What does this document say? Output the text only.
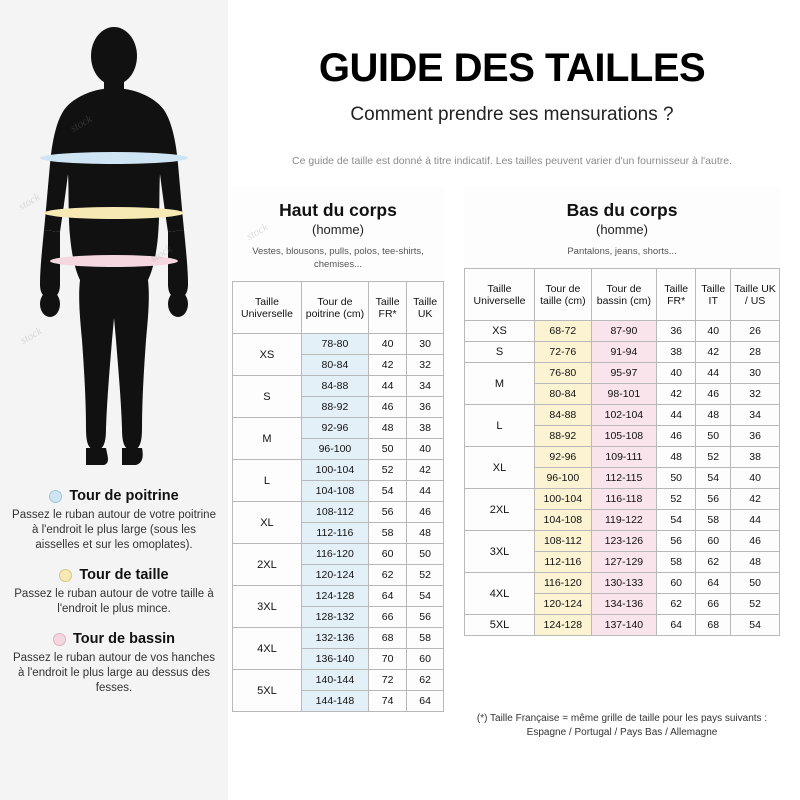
Tour de poitrine
Passez le ruban autour de votre poitrine à l'endroit le plus large (sous les aisselles et sur les omoplates).
Tour de taille
Passez le ruban autour de votre taille à l'endroit le plus mince.
Tour de bassin
Passez le ruban autour de vos hanches à l'endroit le plus large au dessus des fesses.
GUIDE DES TAILLES
Comment prendre ses mensurations ?
Ce guide de taille est donné à titre indicatif. Les tailles peuvent varier d'un fournisseur à l'autre.
Haut du corps
(homme)
Vestes, blousons, pulls, polos, tee-shirts, chemises...
Taille Universelle	Tour de poitrine (cm)	Taille FR*	Taille UK
XS	78-80	40	30
	80-84	42	32
S	84-88	44	34
	88-92	46	36
M	92-96	48	38
	96-100	50	40
L	100-104	52	42
	104-108	54	44
XL	108-112	56	46
	112-116	58	48
2XL	116-120	60	50
	120-124	62	52
3XL	124-128	64	54
	128-132	66	56
4XL	132-136	68	58
	136-140	70	60
5XL	140-144	72	62
	144-148	74	64
Bas du corps
(homme)
Pantalons, jeans, shorts...
Taille Universelle	Tour de taille (cm)	Tour de bassin (cm)	Taille FR*	Taille IT	Taille UK / US
XS	68-72	87-90	36	40	26
S	72-76	91-94	38	42	28
M	76-80	95-97	40	44	30
	80-84	98-101	42	46	32
L	84-88	102-104	44	48	34
	88-92	105-108	46	50	36
XL	92-96	109-111	48	52	38
	96-100	112-115	50	54	40
2XL	100-104	116-118	52	56	42
	104-108	119-122	54	58	44
3XL	108-112	123-126	56	60	46
	112-116	127-129	58	62	48
4XL	116-120	130-133	60	64	50
	120-124	134-136	62	66	52
5XL	124-128	137-140	64	68	54
(*) Taille Française = même grille de taille pour les pays suivants : Espagne / Portugal / Pays Bas / Allemagne
stock
stock
stock
stock
stock
